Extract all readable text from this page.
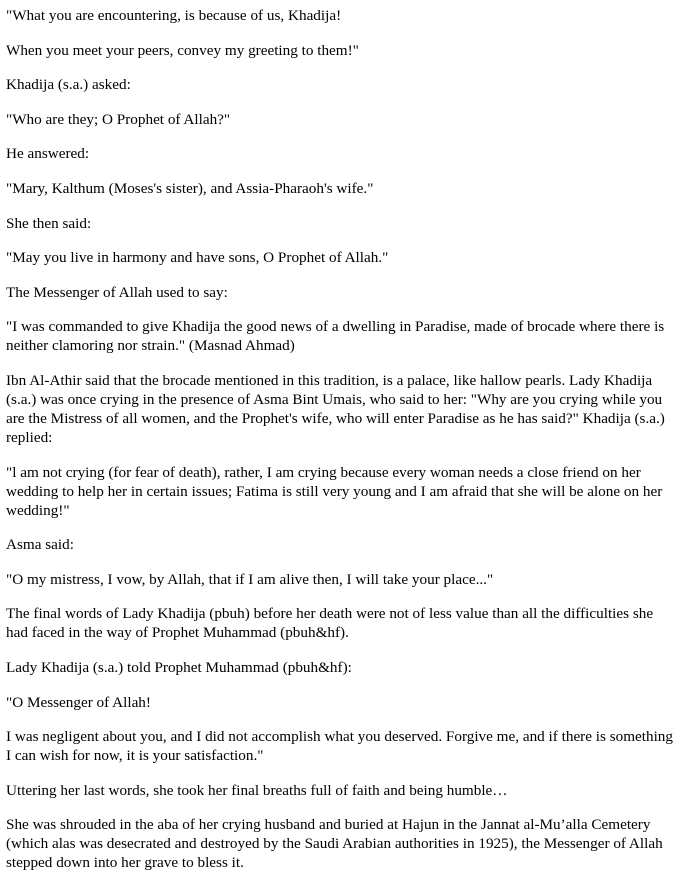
"What you are encountering, is because of us, Khadija!

When you meet your peers, convey my greeting to them!"

Khadija (s.a.) asked:

"Who are they; O Prophet of Allah?"

He answered:

"Mary, Kalthum (Moses's sister), and Assia-Pharaoh's wife."

She then said:

"May you live in harmony and have sons, O Prophet of Allah."

The Messenger of Allah used to say:

"I was commanded to give Khadija the good news of a dwelling in Paradise, made of brocade where there is neither clamoring nor strain." (Masnad Ahmad)

Ibn Al-Athir said that the brocade mentioned in this tradition, is a palace, like hallow pearls. Lady Khadija (s.a.) was once crying in the presence of Asma Bint Umais, who said to her: "Why are you crying while you are the Mistress of all women, and the Prophet's wife, who will enter Paradise as he has said?" Khadija (s.a.) replied:

"l am not crying (for fear of death), rather, I am crying because every woman needs a close friend on her wedding to help her in certain issues; Fatima is still very young and I am afraid that she will be alone on her wedding!"

Asma said:

"O my mistress, I vow, by Allah, that if I am alive then, I will take your place..."

The final words of Lady Khadija (pbuh) before her death were not of less value than all the difficulties she had faced in the way of Prophet Muhammad (pbuh&hf).

Lady Khadija (s.a.) told Prophet Muhammad (pbuh&hf):

"O Messenger of Allah!

I was negligent about you, and I did not accomplish what you deserved. Forgive me, and if there is something I can wish for now, it is your satisfaction."

Uttering her last words, she took her final breaths full of faith and being humble…

She was shrouded in the aba of her crying husband and buried at Hajun in the Jannat al-Mu’alla Cemetery (which alas was desecrated and destroyed by the Saudi Arabian authorities in 1925), the Messenger of Allah stepped down into her grave to bless it.
